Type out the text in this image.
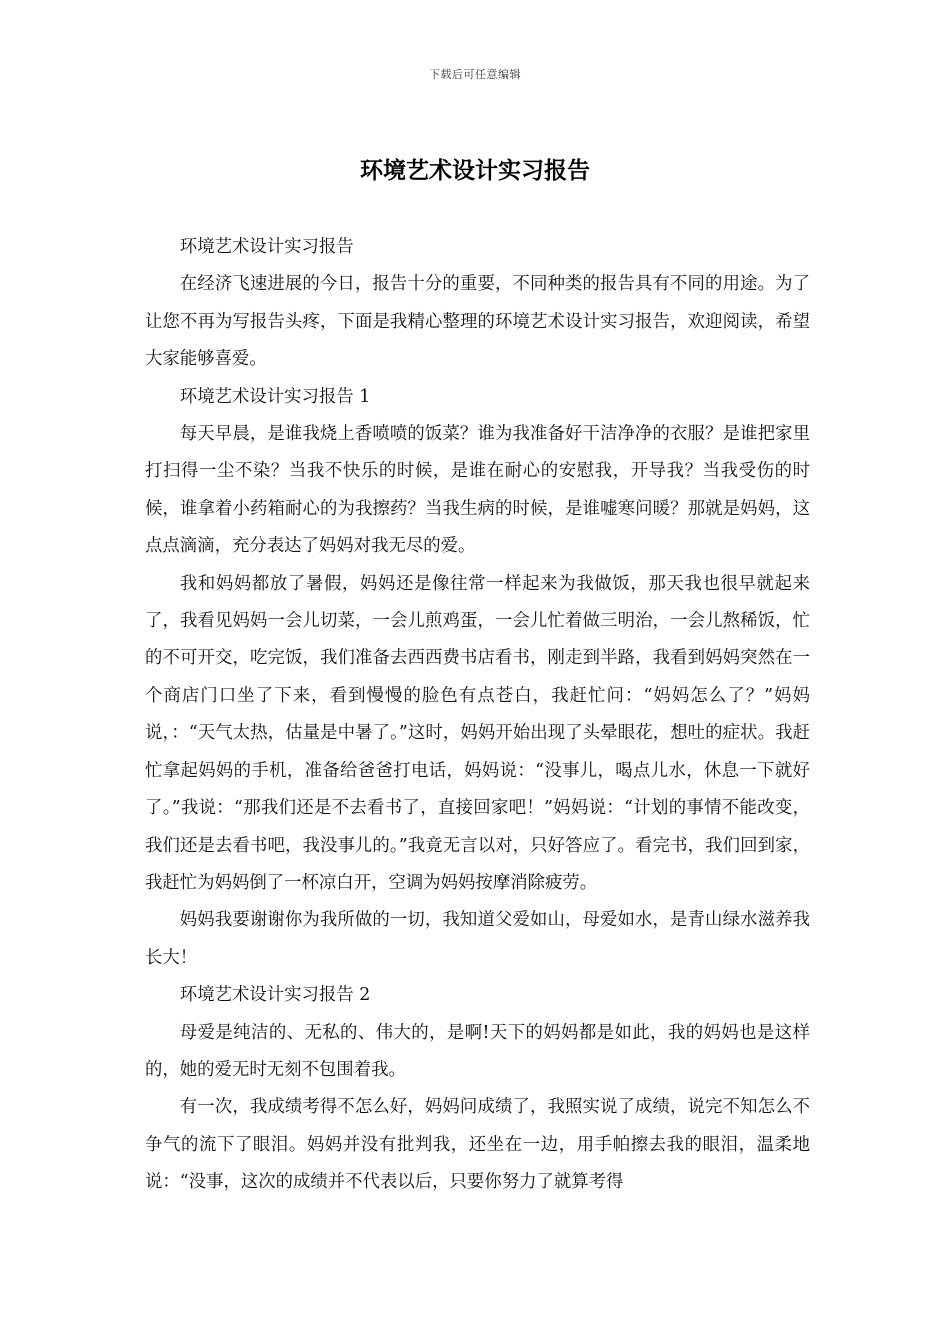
下载后可任意编辑
环境艺术设计实习报告

环境艺术设计实习报告

在经济飞速进展的今日，报告十分的重要，不同种类的报告具有不同的用途。为了让您不再为写报告头疼，下面是我精心整理的环境艺术设计实习报告，欢迎阅读，希望大家能够喜爱。

环境艺术设计实习报告 1

每天早晨，是谁我烧上香喷喷的饭菜？谁为我准备好干洁净净的衣服？是谁把家里打扫得一尘不染？当我不快乐的时候，是谁在耐心的安慰我，开导我？当我受伤的时候，谁拿着小药箱耐心的为我擦药？当我生病的时候，是谁嘘寒问暖？那就是妈妈，这点点滴滴，充分表达了妈妈对我无尽的爱。

我和妈妈都放了暑假，妈妈还是像往常一样起来为我做饭，那天我也很早就起来了，我看见妈妈一会儿切菜，一会儿煎鸡蛋，一会儿忙着做三明治，一会儿熬稀饭，忙的不可开交，吃完饭，我们准备去西西费书店看书，刚走到半路，我看到妈妈突然在一个商店门口坐了下来，看到慢慢的脸色有点苍白，我赶忙问：“妈妈怎么了？”妈妈说，：“天气太热，估量是中暑了。”这时，妈妈开始出现了头晕眼花，想吐的症状。我赶忙拿起妈妈的手机，准备给爸爸打电话，妈妈说：“没事儿，喝点儿水，休息一下就好了。”我说：“那我们还是不去看书了，直接回家吧！”妈妈说：“计划的事情不能改变，我们还是去看书吧，我没事儿的。”我竟无言以对，只好答应了。看完书，我们回到家，我赶忙为妈妈倒了一杯凉白开，空调为妈妈按摩消除疲劳。

妈妈我要谢谢你为我所做的一切，我知道父爱如山，母爱如水，是青山绿水滋养我长大！

环境艺术设计实习报告 2

母爱是纯洁的、无私的、伟大的，是啊!天下的妈妈都是如此，我的妈妈也是这样的，她的爱无时无刻不包围着我。

有一次，我成绩考得不怎么好，妈妈问成绩了，我照实说了成绩，说完不知怎么不争气的流下了眼泪。妈妈并没有批判我，还坐在一边，用手帕擦去我的眼泪，温柔地说：“没事，这次的成绩并不代表以后，只要你努力了就算考得
